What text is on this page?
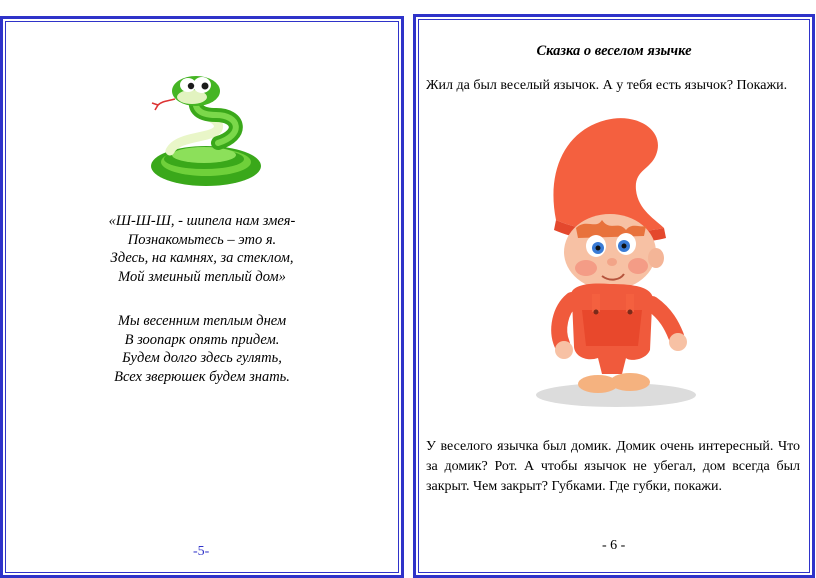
«Ш-Ш-Ш, - шипела нам змея-
Познакомьтесь – это я.
Здесь, на камнях, за стеклом,
Мой змеиный теплый дом»
Мы весенним теплым днем
В зоопарк опять придем.
Будем долго здесь гулять,
Всех зверюшек будем знать.
-5-
Сказка о веселом язычке
Жил да был веселый язычок. А у тебя есть язычок? Покажи.
У веселого язычка был домик. Домик очень интересный. Что за домик? Рот. А чтобы язычок не убегал, дом всегда был закрыт. Чем закрыт? Губками. Где губки, покажи.
- 6 -
